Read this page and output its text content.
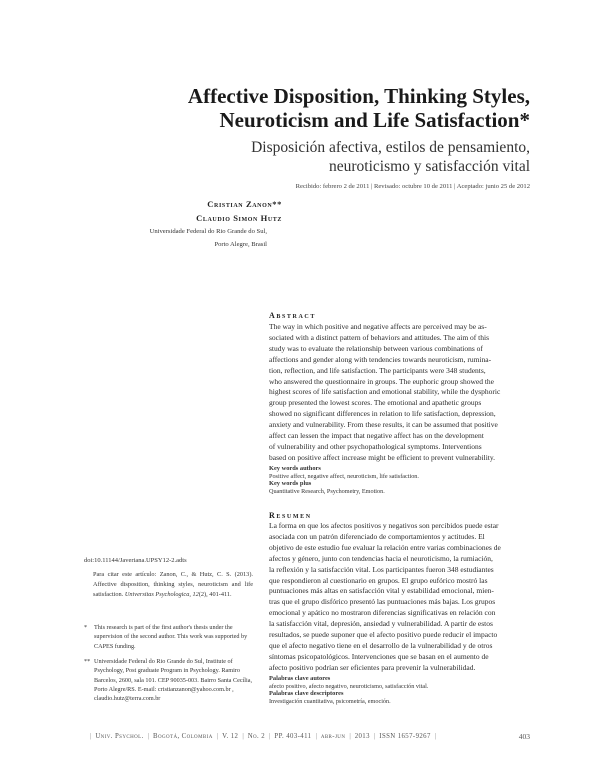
Affective Disposition, Thinking Styles,
Neuroticism and Life Satisfaction*
Disposición afectiva, estilos de pensamiento,
neuroticismo y satisfacción vital
Recibido: febrero 2 de 2011 | Revisado: octubre 10 de 2011 | Aceptado: junio 25 de 2012
Cristian Zanon**
Claudio Simon Hutz
Universidade Federal do Rio Grande do Sul,
Porto Alegre, Brasil
Abstract
The way in which positive and negative affects are perceived may be as-
sociated with a distinct pattern of behaviors and attitudes. The aim of this
study was to evaluate the relationship between various combinations of
affections and gender along with tendencies towards neuroticism, rumina-
tion, reflection, and life satisfaction. The participants were 348 students,
who answered the questionnaire in groups. The euphoric group showed the
highest scores of life satisfaction and emotional stability, while the dysphoric
group presented the lowest scores. The emotional and apathetic groups
showed no significant differences in relation to life satisfaction, depression,
anxiety and vulnerability. From these results, it can be assumed that positive
affect can lessen the impact that negative affect has on the development
of vulnerability and other psychopathological symptoms. Interventions
based on positive affect increase might be efficient to prevent vulnerability.
Key words authors
Positive affect, negative affect, neuroticism, life satisfaction.
Key words plus
Quantitative Research, Psychometry, Emotion.
Resumen
La forma en que los afectos positivos y negativos son percibidos puede estar
asociada con un patrón diferenciado de comportamientos y actitudes. El
objetivo de este estudio fue evaluar la relación entre varias combinaciones de
afectos y género, junto con tendencias hacia el neuroticismo, la rumiación,
la reflexión y la satisfacción vital. Los participantes fueron 348 estudiantes
que respondieron al cuestionario en grupos. El grupo eufórico mostró las
puntuaciones más altas en satisfacción vital y estabilidad emocional, mien-
tras que el grupo disfórico presentó las puntuaciones más bajas. Los grupos
emocional y apático no mostraron diferencias significativas en relación con
la satisfacción vital, depresión, ansiedad y vulnerabilidad. A partir de estos
resultados, se puede suponer que el afecto positivo puede reducir el impacto
que el afecto negativo tiene en el desarrollo de la vulnerabilidad y de otros
síntomas psicopatológicos. Intervenciones que se basan en el aumento de
afecto positivo podrían ser eficientes para prevenir la vulnerabilidad.
Palabras clave autores
afecto positivo, afecto negativo, neuroticismo, satisfacción vital.
Palabras clave descriptores
Investigación cuantitativa, psicometría, emoción.
doi:10.11144/Javeriana.UPSY12-2.adts
Para citar este artículo: Zanon, C., & Hutz, C. S. (2013). Affective disposition, thinking styles, neuroticism and life satisfaction. Universitas Psychologica, 12(2), 401-411.
*	This research is part of the first author's thesis under the supervision of the second author. This work was supported by CAPES funding.
** Universidade Federal do Rio Grande do Sul, Institute of Psychology, Post graduate Program in Psychology. Ramiro Barcelos, 2600, sala 101. CEP 90035-003. Bairro Santa Cecília, Porto Alegre/RS. E-mail: cristianzanon@yahoo.com.br , claudio.hutz@terra.com.br
| Univ. Psychol. | Bogotá, Colombia | V. 12 | No. 2 | PP. 403-411 | abr-jun | 2013 | ISSN 1657-9267 |	403
